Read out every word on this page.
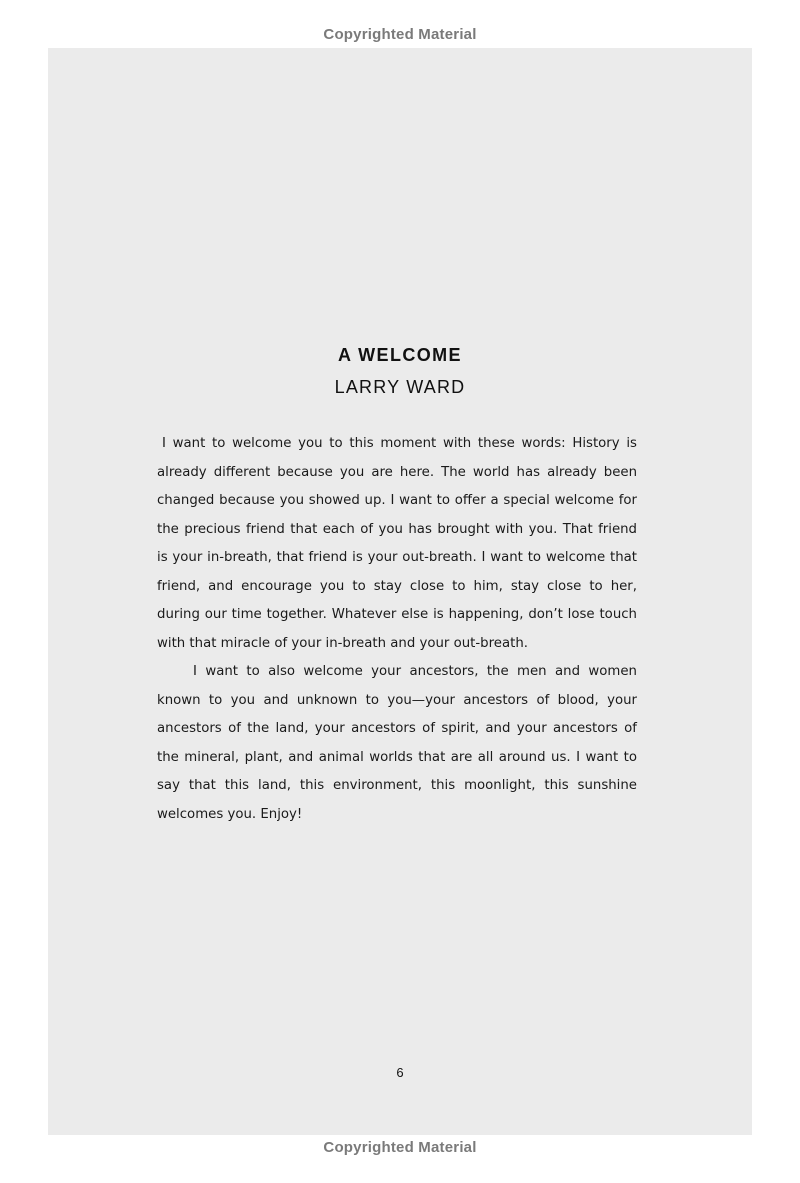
Copyrighted Material
A WELCOME
LARRY WARD

I want to welcome you to this moment with these words: History is already different because you are here. The world has already been changed because you showed up. I want to offer a special welcome for the precious friend that each of you has brought with you. That friend is your in-breath, that friend is your out-breath. I want to welcome that friend, and encourage you to stay close to him, stay close to her, during our time together. Whatever else is happening, don’t lose touch with that miracle of your in-breath and your out-breath.

I want to also welcome your ancestors, the men and women known to you and unknown to you—your ancestors of blood, your ancestors of the land, your ancestors of spirit, and your ancestors of the mineral, plant, and animal worlds that are all around us. I want to say that this land, this environment, this moonlight, this sunshine welcomes you. Enjoy!

6
Copyrighted Material
